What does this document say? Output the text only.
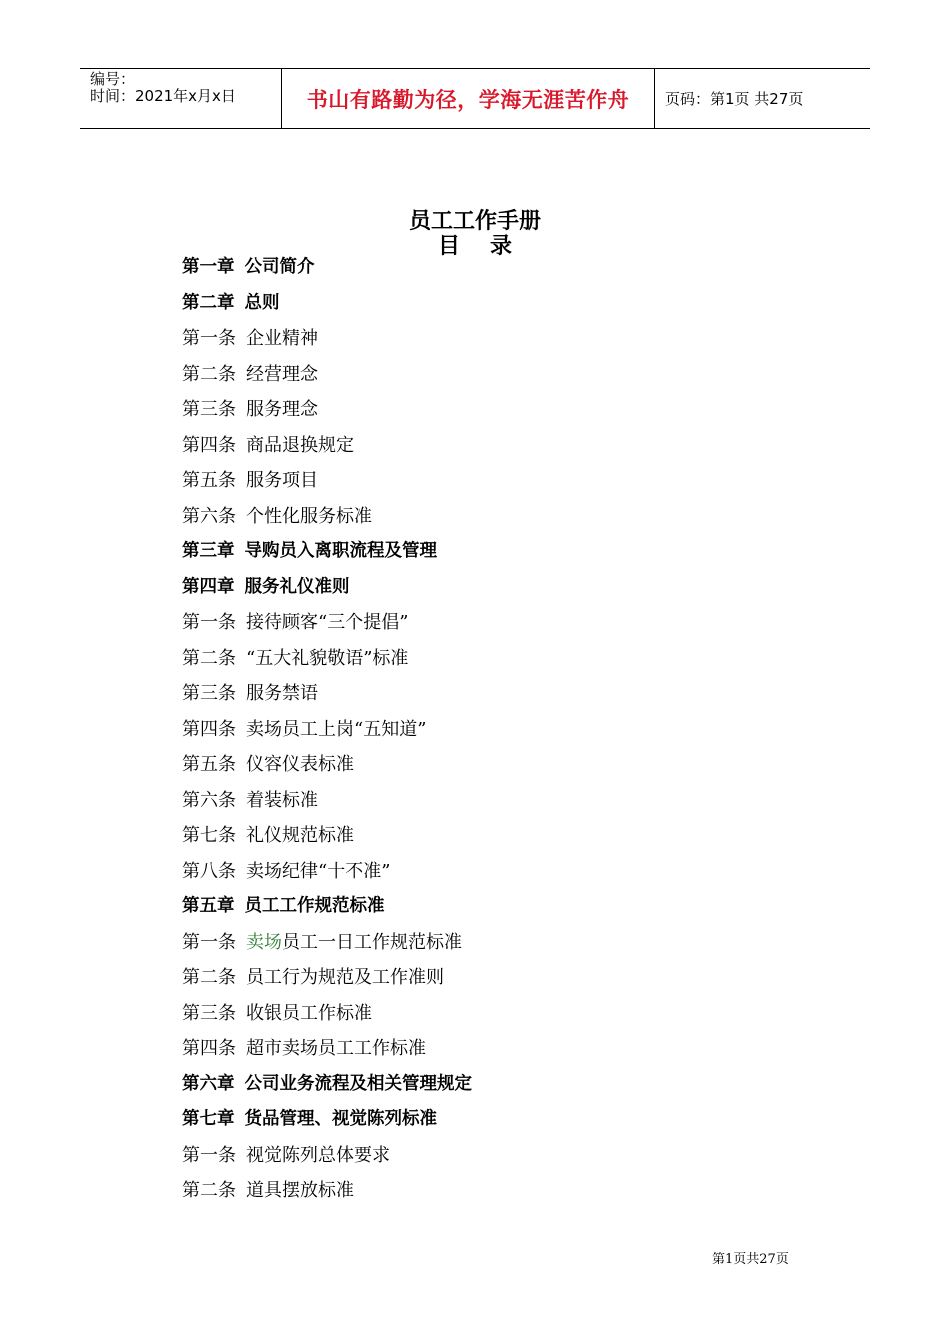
编号：
时间：2021年x月x日	书山有路勤为径，学海无涯苦作舟	页码：第1页 共27页
员工工作手册
目录
第一章 公司简介
第二章 总则
第一条 企业精神
第二条 经营理念
第三条 服务理念
第四条 商品退换规定
第五条 服务项目
第六条 个性化服务标准
第三章 导购员入离职流程及管理
第四章 服务礼仪准则
第一条 接待顾客“三个提倡”
第二条 “五大礼貌敬语”标准
第三条 服务禁语
第四条 卖场员工上岗“五知道”
第五条 仪容仪表标准
第六条 着装标准
第七条 礼仪规范标准
第八条 卖场纪律“十不准”
第五章 员工工作规范标准
第一条 卖场员工一日工作规范标准
第二条 员工行为规范及工作准则
第三条 收银员工作标准
第四条 超市卖场员工工作标准
第六章 公司业务流程及相关管理规定
第七章 货品管理、视觉陈列标准
第一条 视觉陈列总体要求
第二条 道具摆放标准
第1页共27页
